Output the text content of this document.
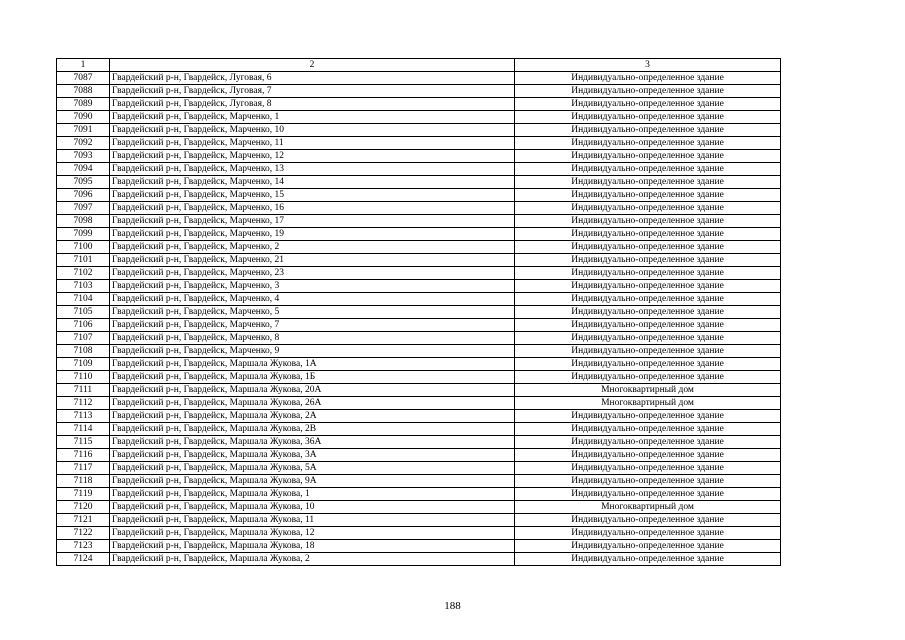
1	2	3
7087	Гвардейский р-н, Гвардейск, Луговая, 6	Индивидуально-определенное здание
7088	Гвардейский р-н, Гвардейск, Луговая, 7	Индивидуально-определенное здание
7089	Гвардейский р-н, Гвардейск, Луговая, 8	Индивидуально-определенное здание
7090	Гвардейский р-н, Гвардейск, Марченко, 1	Индивидуально-определенное здание
7091	Гвардейский р-н, Гвардейск, Марченко, 10	Индивидуально-определенное здание
7092	Гвардейский р-н, Гвардейск, Марченко, 11	Индивидуально-определенное здание
7093	Гвардейский р-н, Гвардейск, Марченко, 12	Индивидуально-определенное здание
7094	Гвардейский р-н, Гвардейск, Марченко, 13	Индивидуально-определенное здание
7095	Гвардейский р-н, Гвардейск, Марченко, 14	Индивидуально-определенное здание
7096	Гвардейский р-н, Гвардейск, Марченко, 15	Индивидуально-определенное здание
7097	Гвардейский р-н, Гвардейск, Марченко, 16	Индивидуально-определенное здание
7098	Гвардейский р-н, Гвардейск, Марченко, 17	Индивидуально-определенное здание
7099	Гвардейский р-н, Гвардейск, Марченко, 19	Индивидуально-определенное здание
7100	Гвардейский р-н, Гвардейск, Марченко, 2	Индивидуально-определенное здание
7101	Гвардейский р-н, Гвардейск, Марченко, 21	Индивидуально-определенное здание
7102	Гвардейский р-н, Гвардейск, Марченко, 23	Индивидуально-определенное здание
7103	Гвардейский р-н, Гвардейск, Марченко, 3	Индивидуально-определенное здание
7104	Гвардейский р-н, Гвардейск, Марченко, 4	Индивидуально-определенное здание
7105	Гвардейский р-н, Гвардейск, Марченко, 5	Индивидуально-определенное здание
7106	Гвардейский р-н, Гвардейск, Марченко, 7	Индивидуально-определенное здание
7107	Гвардейский р-н, Гвардейск, Марченко, 8	Индивидуально-определенное здание
7108	Гвардейский р-н, Гвардейск, Марченко, 9	Индивидуально-определенное здание
7109	Гвардейский р-н, Гвардейск, Маршала Жукова, 1А	Индивидуально-определенное здание
7110	Гвардейский р-н, Гвардейск, Маршала Жукова, 1Б	Индивидуально-определенное здание
7111	Гвардейский р-н, Гвардейск, Маршала Жукова, 20А	Многоквартирный дом
7112	Гвардейский р-н, Гвардейск, Маршала Жукова, 26А	Многоквартирный дом
7113	Гвардейский р-н, Гвардейск, Маршала Жукова, 2А	Индивидуально-определенное здание
7114	Гвардейский р-н, Гвардейск, Маршала Жукова, 2В	Индивидуально-определенное здание
7115	Гвардейский р-н, Гвардейск, Маршала Жукова, 36А	Индивидуально-определенное здание
7116	Гвардейский р-н, Гвардейск, Маршала Жукова, 3А	Индивидуально-определенное здание
7117	Гвардейский р-н, Гвардейск, Маршала Жукова, 5А	Индивидуально-определенное здание
7118	Гвардейский р-н, Гвардейск, Маршала Жукова, 9А	Индивидуально-определенное здание
7119	Гвардейский р-н, Гвардейск, Маршала Жукова, 1	Индивидуально-определенное здание
7120	Гвардейский р-н, Гвардейск, Маршала Жукова, 10	Многоквартирный дом
7121	Гвардейский р-н, Гвардейск, Маршала Жукова, 11	Индивидуально-определенное здание
7122	Гвардейский р-н, Гвардейск, Маршала Жукова, 12	Индивидуально-определенное здание
7123	Гвардейский р-н, Гвардейск, Маршала Жукова, 18	Индивидуально-определенное здание
7124	Гвардейский р-н, Гвардейск, Маршала Жукова, 2	Индивидуально-определенное здание
188
